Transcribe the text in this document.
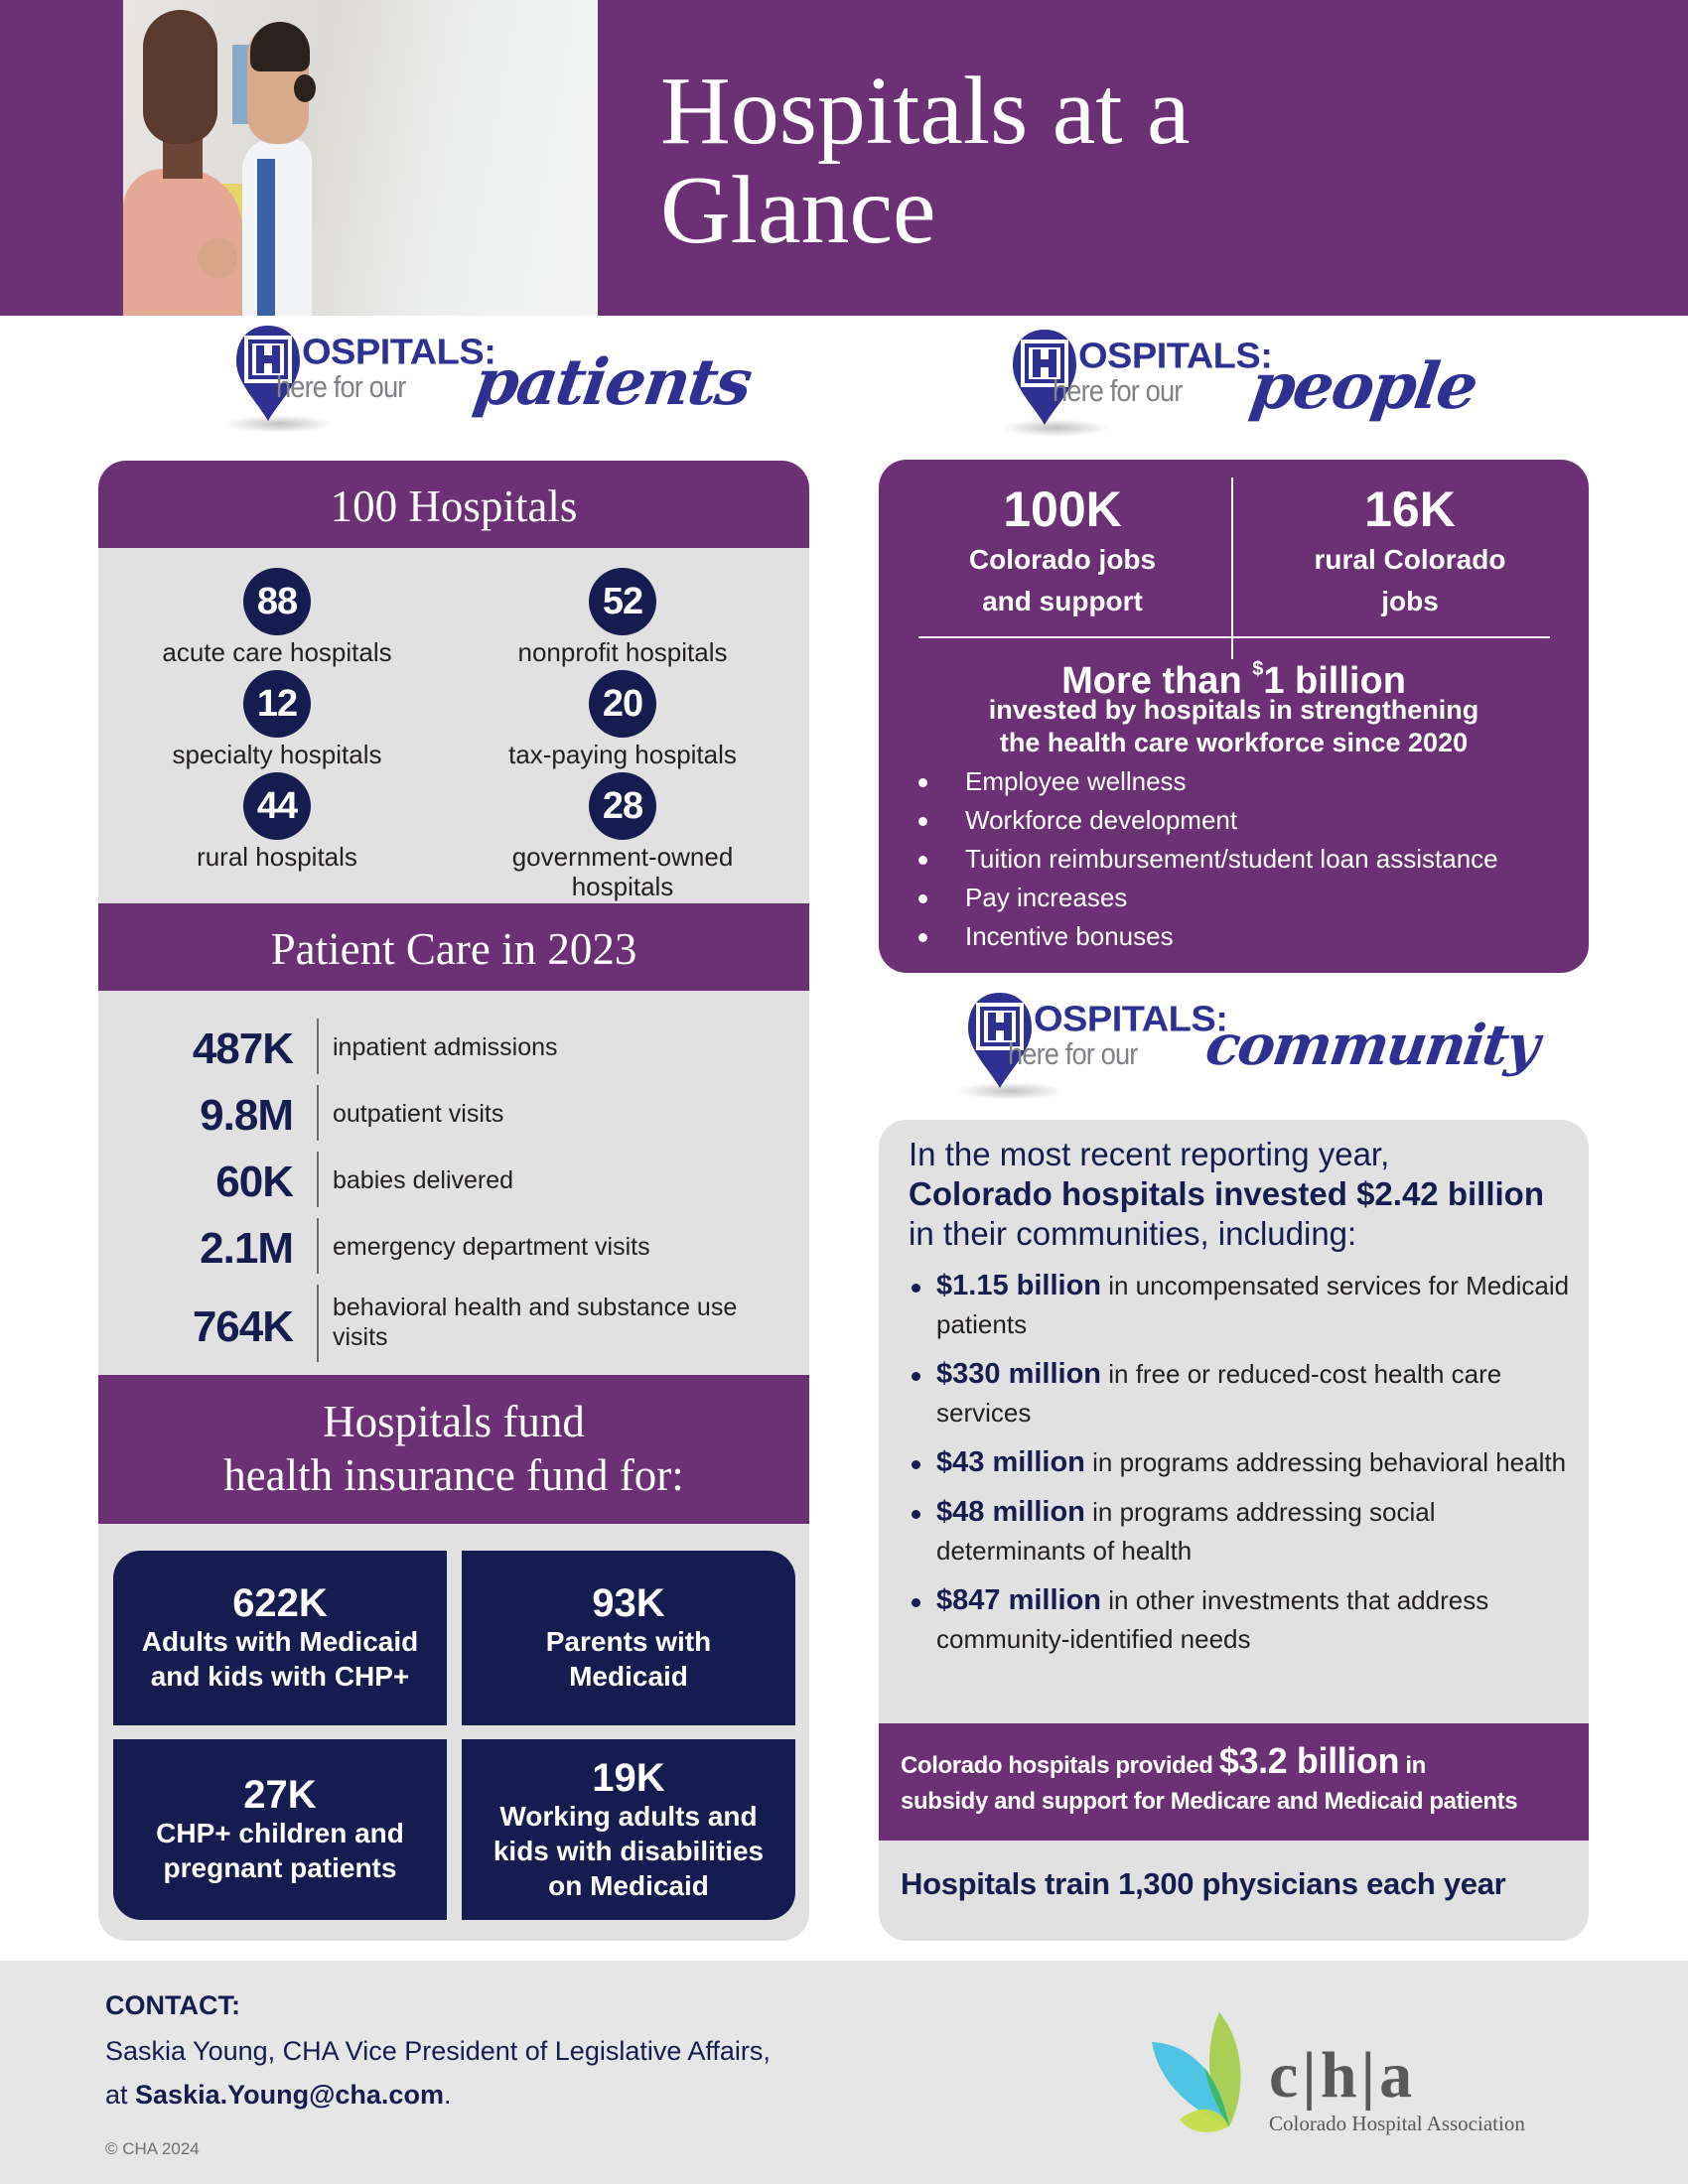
Hospitals at a
Glance
OSPITALS:
here for our patients	OSPITALS:
here for our people
100 Hospitals
88
acute care hospitals
52
nonprofit hospitals
12
specialty hospitals
20
tax-paying hospitals
44
rural hospitals
28
government-owned hospitals
Patient Care in 2023
487K inpatient admissions
9.8M outpatient visits
60K babies delivered
2.1M emergency department visits
764K behavioral health and substance use visits
Hospitals fund
health insurance fund for:
622K
Adults with Medicaid and kids with CHP+
93K
Parents with Medicaid
27K
CHP+ children and pregnant patients
19K
Working adults and kids with disabilities on Medicaid
100K
Colorado jobs
and support
16K
rural Colorado
jobs
More than $1 billion
invested by hospitals in strengthening
the health care workforce since 2020
Employee wellness
Workforce development
Tuition reimbursement/student loan assistance
Pay increases
Incentive bonuses
OSPITALS:
here for our community
In the most recent reporting year,
Colorado hospitals invested $2.42 billion
in their communities, including:
$1.15 billion in uncompensated services for Medicaid patients
$330 million in free or reduced-cost health care services
$43 million in programs addressing behavioral health
$48 million in programs addressing social determinants of health
$847 million in other investments that address community-identified needs
Colorado hospitals provided $3.2 billion in
subsidy and support for Medicare and Medicaid patients
Hospitals train 1,300 physicians each year
CONTACT:
Saskia Young, CHA Vice President of Legislative Affairs,
at Saskia.Young@cha.com.
© CHA 2024
c|h|a
Colorado Hospital Association
